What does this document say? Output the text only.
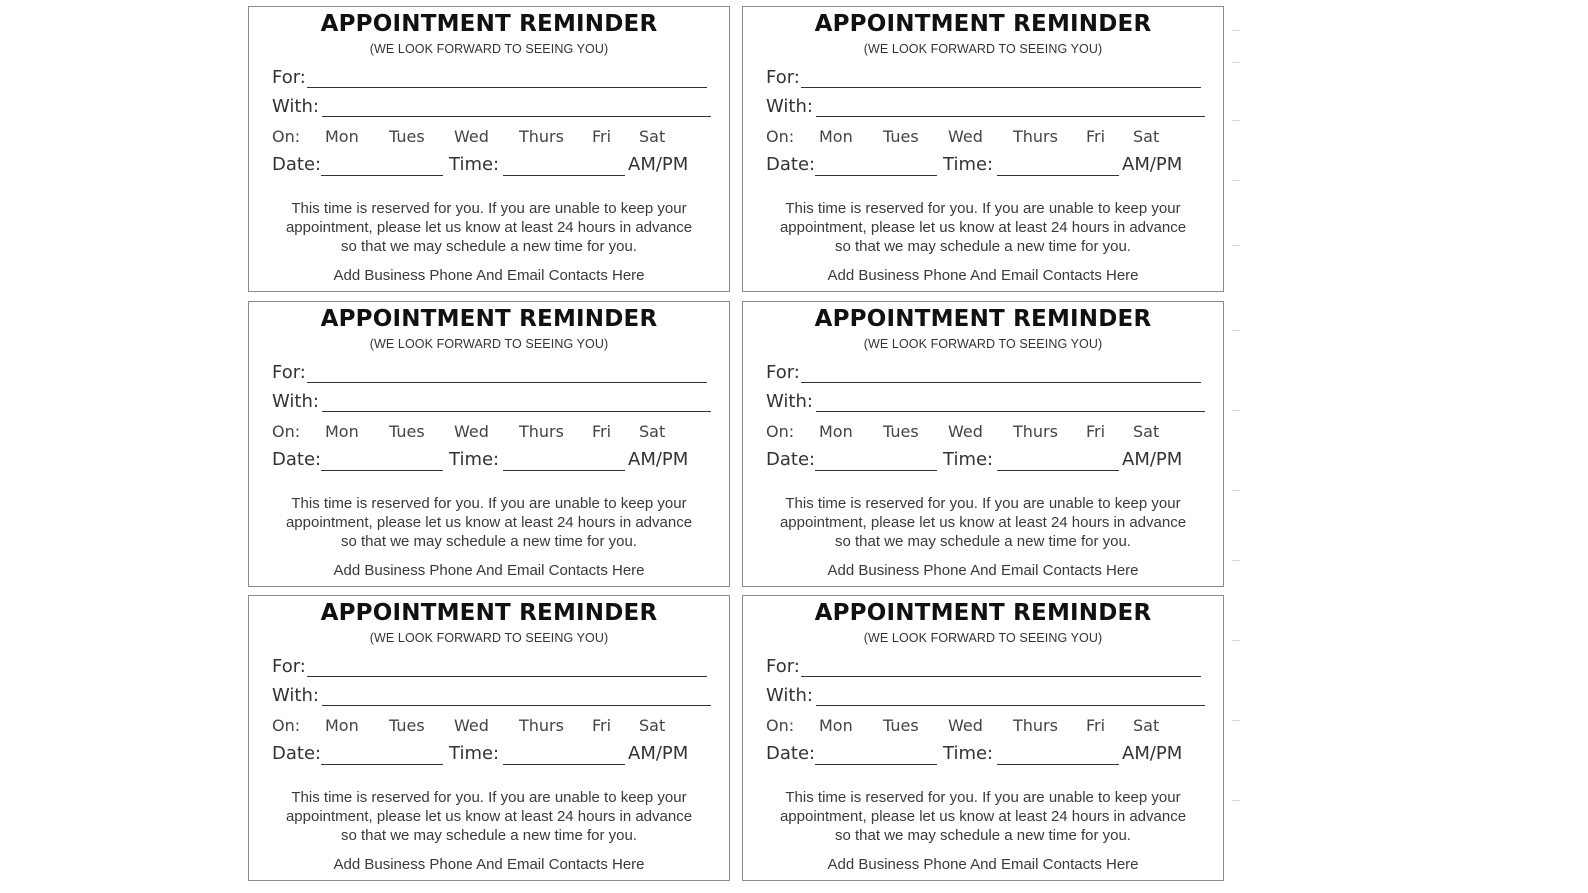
APPOINTMENT REMINDER
(WE LOOK FORWARD TO SEEING YOU)
For:
With:
On: Mon Tues Wed Thurs Fri Sat
Date:	Time:	AM/PM
This time is reserved for you. If you are unable to keep your
appointment, please let us know at least 24 hours in advance
so that we may schedule a new time for you.
Add Business Phone And Email Contacts Here
APPOINTMENT REMINDER
(WE LOOK FORWARD TO SEEING YOU)
For:
With:
On: Mon Tues Wed Thurs Fri Sat
Date:	Time:	AM/PM
This time is reserved for you. If you are unable to keep your
appointment, please let us know at least 24 hours in advance
so that we may schedule a new time for you.
Add Business Phone And Email Contacts Here
APPOINTMENT REMINDER
(WE LOOK FORWARD TO SEEING YOU)
For:
With:
On: Mon Tues Wed Thurs Fri Sat
Date:	Time:	AM/PM
This time is reserved for you. If you are unable to keep your
appointment, please let us know at least 24 hours in advance
so that we may schedule a new time for you.
Add Business Phone And Email Contacts Here
APPOINTMENT REMINDER
(WE LOOK FORWARD TO SEEING YOU)
For:
With:
On: Mon Tues Wed Thurs Fri Sat
Date:	Time:	AM/PM
This time is reserved for you. If you are unable to keep your
appointment, please let us know at least 24 hours in advance
so that we may schedule a new time for you.
Add Business Phone And Email Contacts Here
APPOINTMENT REMINDER
(WE LOOK FORWARD TO SEEING YOU)
For:
With:
On: Mon Tues Wed Thurs Fri Sat
Date:	Time:	AM/PM
This time is reserved for you. If you are unable to keep your
appointment, please let us know at least 24 hours in advance
so that we may schedule a new time for you.
Add Business Phone And Email Contacts Here
APPOINTMENT REMINDER
(WE LOOK FORWARD TO SEEING YOU)
For:
With:
On: Mon Tues Wed Thurs Fri Sat
Date:	Time:	AM/PM
This time is reserved for you. If you are unable to keep your
appointment, please let us know at least 24 hours in advance
so that we may schedule a new time for you.
Add Business Phone And Email Contacts Here
